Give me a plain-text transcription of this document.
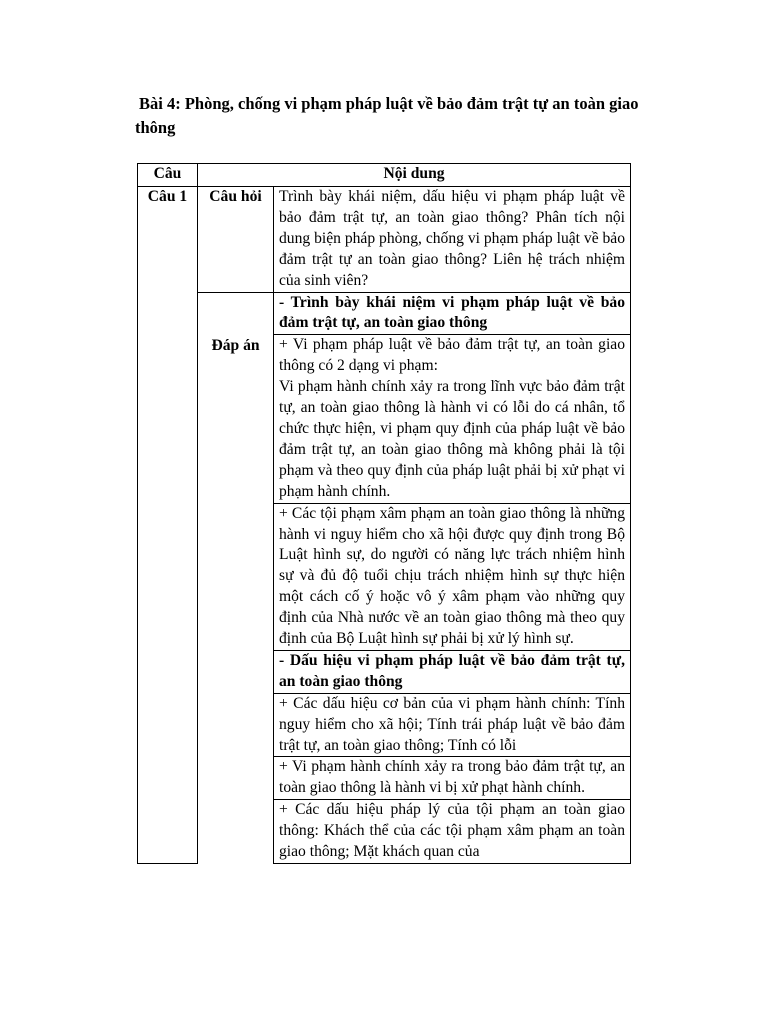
Bài 4: Phòng, chống vi phạm pháp luật về bảo đảm trật tự an toàn giao thông
Câu	Nội dung	
Câu 1	Câu hỏi	Trình bày khái niệm, dấu hiệu vi phạm pháp luật về bảo đảm trật tự, an toàn giao thông? Phân tích nội dung biện pháp phòng, chống vi phạm pháp luật về bảo đảm trật tự an toàn giao thông? Liên hệ trách nhiệm của sinh viên?
	Đáp án	- Trình bày khái niệm vi phạm pháp luật về bảo đảm trật tự, an toàn giao thông

		+ Vi phạm pháp luật về bảo đảm trật tự, an toàn giao thông có 2 dạng vi phạm:
Vi phạm hành chính xảy ra trong lĩnh vực bảo đảm trật tự, an toàn giao thông là hành vi có lỗi do cá nhân, tổ chức thực hiện, vi phạm quy định của pháp luật về bảo đảm trật tự, an toàn giao thông mà không phải là tội phạm và theo quy định của pháp luật phải bị xử phạt vi phạm hành chính.

		+ Các tội phạm xâm phạm an toàn giao thông là những hành vi nguy hiểm cho xã hội được quy định trong Bộ Luật hình sự, do người có năng lực trách nhiệm hình sự và đủ độ tuổi chịu trách nhiệm hình sự thực hiện một cách cố ý hoặc vô ý xâm phạm vào những quy định của Nhà nước về an toàn giao thông mà theo quy định của Bộ Luật hình sự phải bị xử lý hình sự.
		- Dấu hiệu vi phạm pháp luật về bảo đảm trật tự, an toàn giao thông
		+ Các dấu hiệu cơ bản của vi phạm hành chính: Tính nguy hiểm cho xã hội; Tính trái pháp luật về bảo đảm trật tự, an toàn giao thông; Tính có lỗi
		+ Vi phạm hành chính xảy ra trong bảo đảm trật tự, an toàn giao thông là hành vi bị xử phạt hành chính.
		+ Các dấu hiệu pháp lý của tội phạm an toàn giao thông: Khách thể của các tội phạm xâm phạm an toàn giao thông; Mặt khách quan của
